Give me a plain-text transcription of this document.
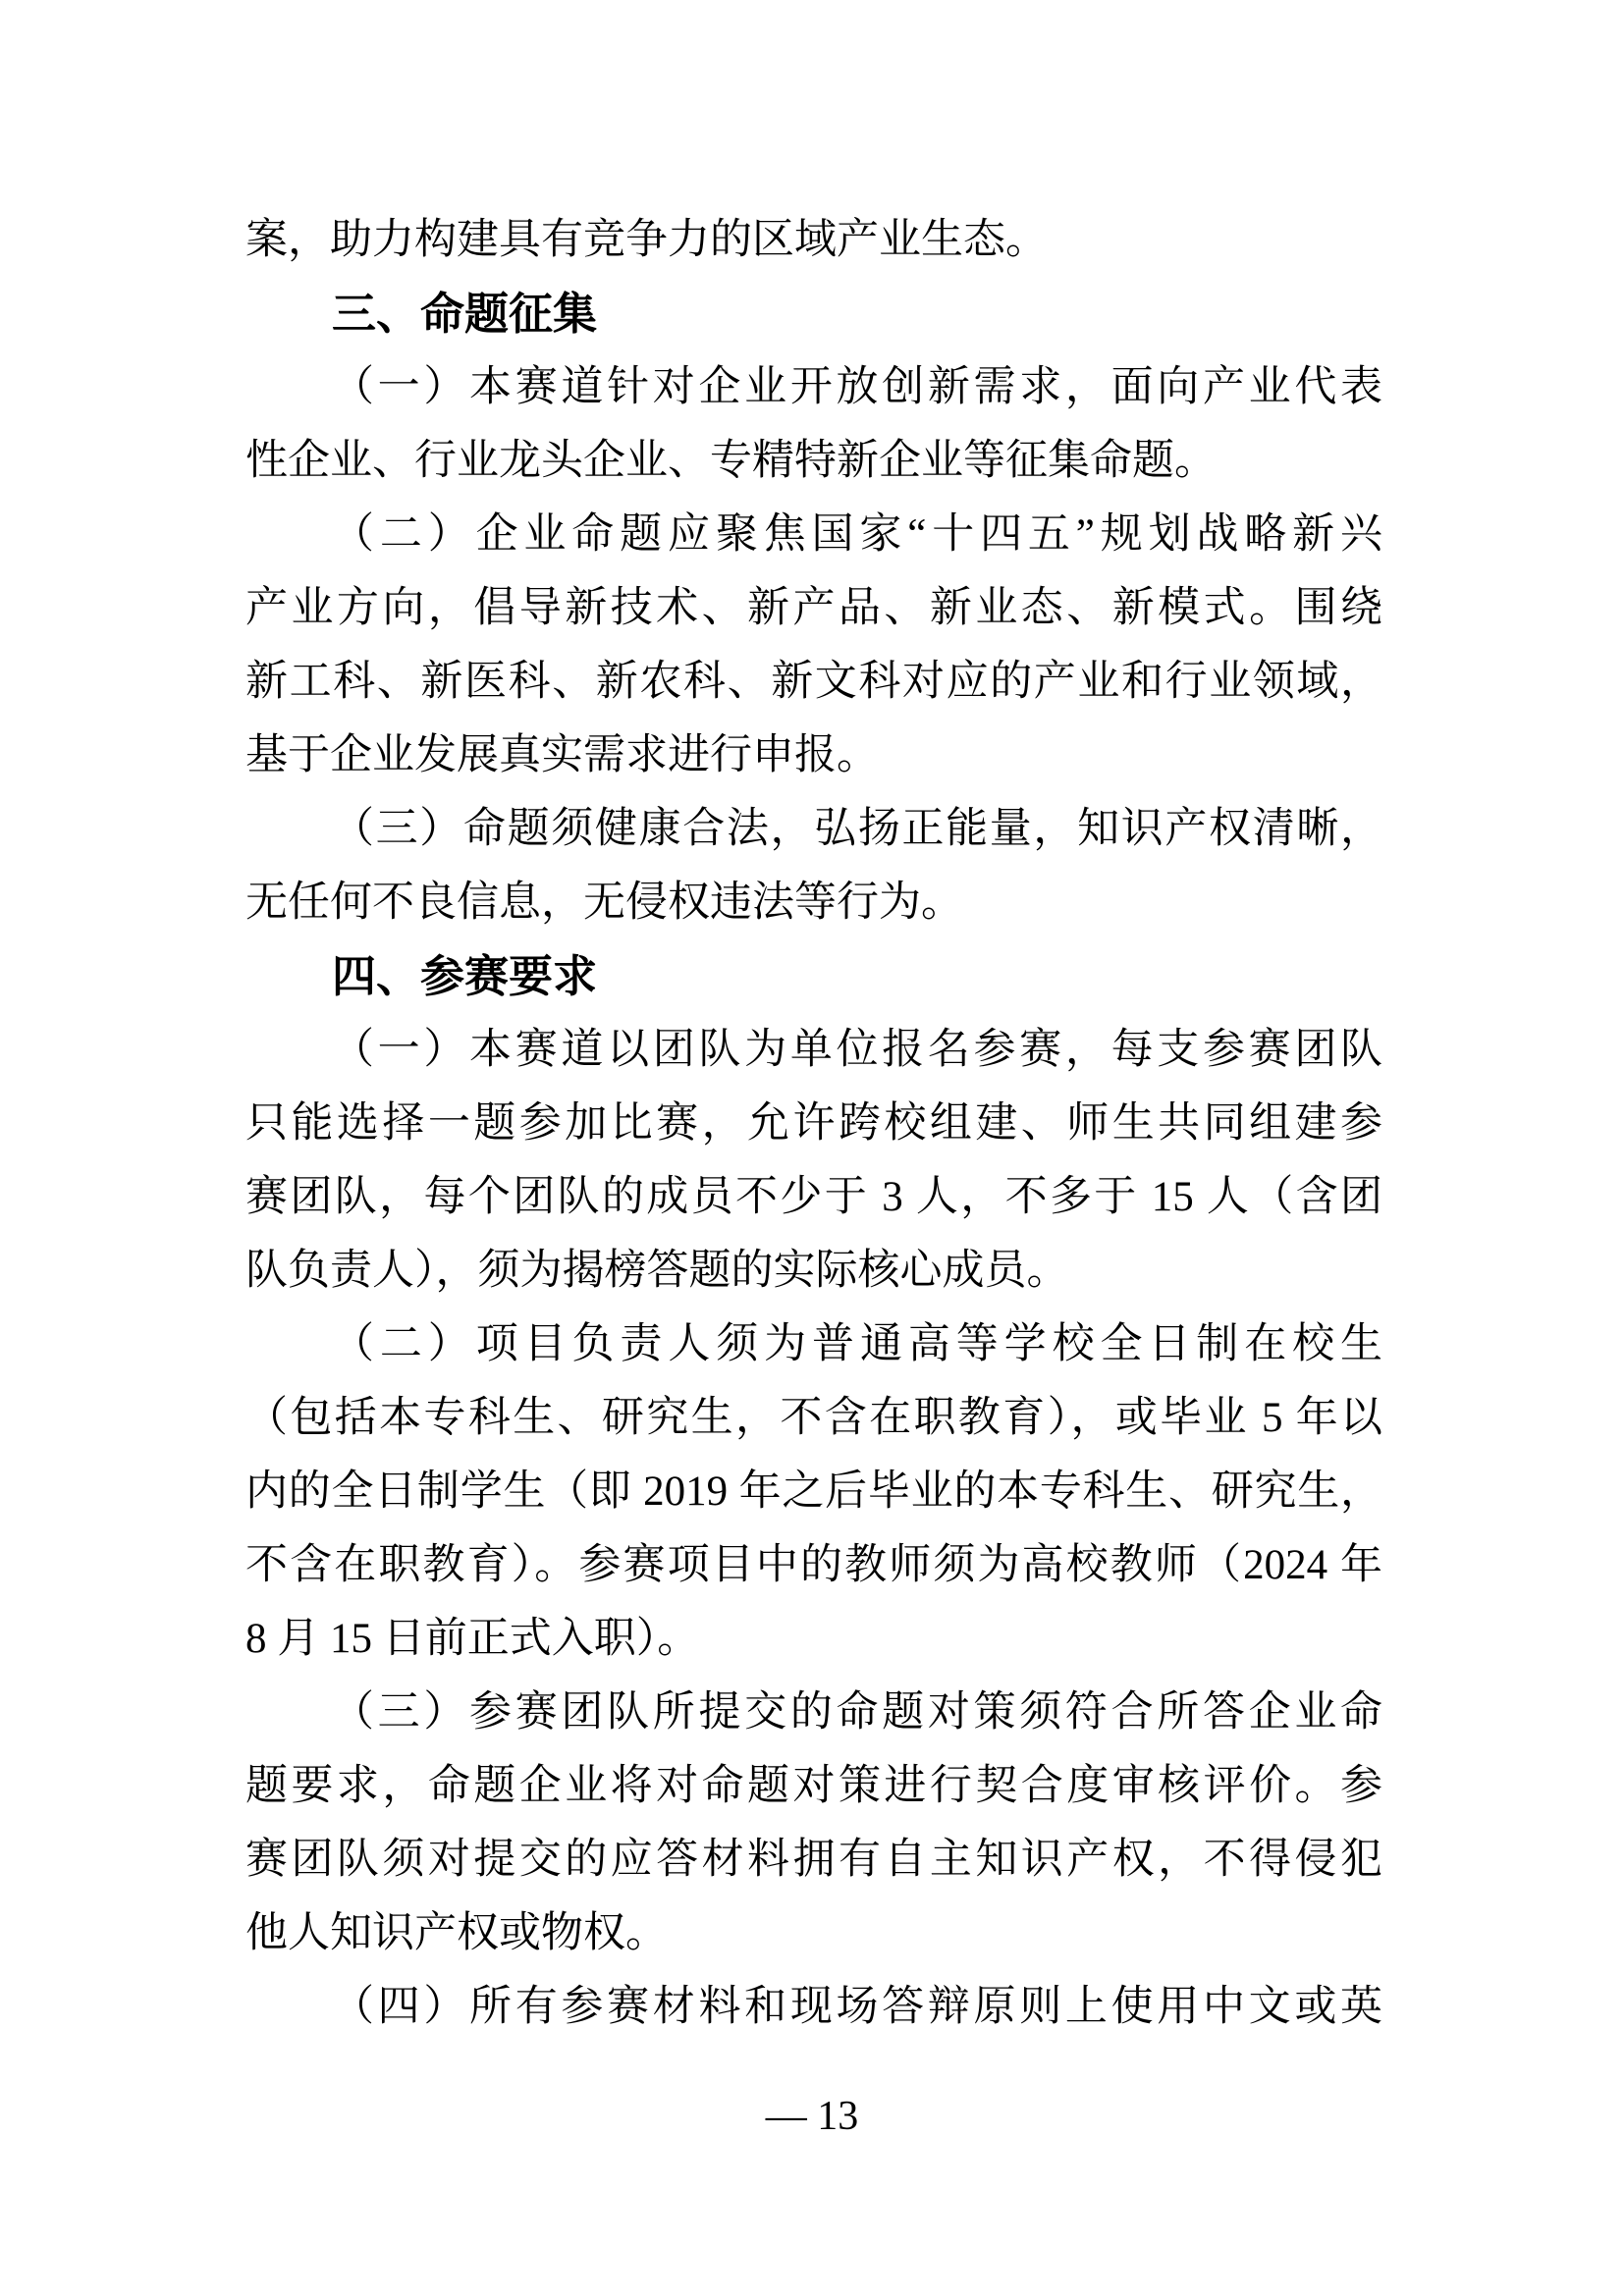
案，助力构建具有竞争力的区域产业生态。
三、命题征集
（一）本赛道针对企业开放创新需求，面向产业代表
性企业、行业龙头企业、专精特新企业等征集命题。
（二）企业命题应聚焦国家“十四五”规划战略新兴
产业方向，倡导新技术、新产品、新业态、新模式。围绕
新工科、新医科、新农科、新文科对应的产业和行业领域，
基于企业发展真实需求进行申报。
（三）命题须健康合法，弘扬正能量，知识产权清晰，
无任何不良信息，无侵权违法等行为。
四、参赛要求
（一）本赛道以团队为单位报名参赛，每支参赛团队
只能选择一题参加比赛，允许跨校组建、师生共同组建参
赛团队，每个团队的成员不少于 3 人，不多于 15 人（含团
队负责人），须为揭榜答题的实际核心成员。
（二）项目负责人须为普通高等学校全日制在校生
（包括本专科生、研究生，不含在职教育），或毕业 5 年以
内的全日制学生（即 2019 年之后毕业的本专科生、研究生，
不含在职教育）。参赛项目中的教师须为高校教师（2024 年
8 月 15 日前正式入职）。
（三）参赛团队所提交的命题对策须符合所答企业命
题要求，命题企业将对命题对策进行契合度审核评价。参
赛团队须对提交的应答材料拥有自主知识产权，不得侵犯
他人知识产权或物权。
（四）所有参赛材料和现场答辩原则上使用中文或英
— 13
